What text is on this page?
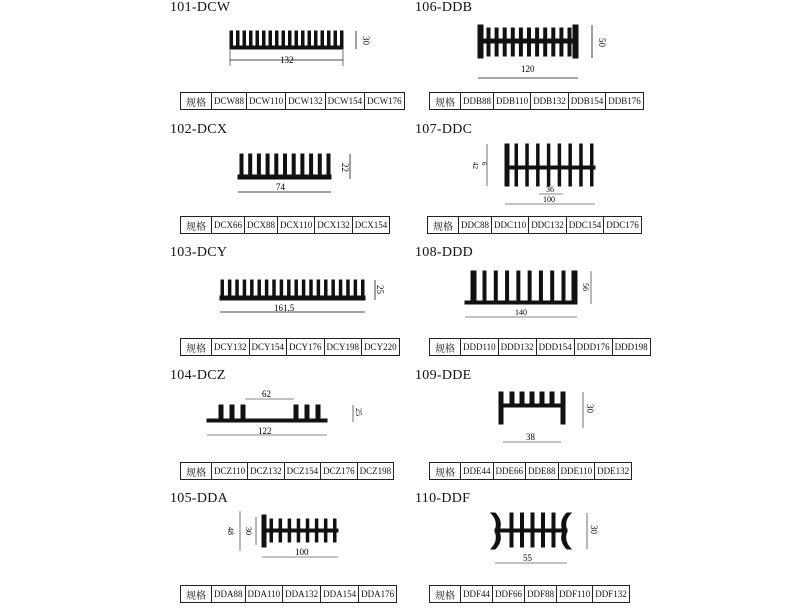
101-DCW
132
30
规格	DCW88	DCW110	DCW132	DCW154	DCW176
106-DDB
120
50
规格	DDB88	DDB110	DDB132	DDB154	DDB176
102-DCX
74
22
规格	DCX66	DCX88	DCX110	DCX132	DCX154
107-DDC
42 6
36
100
规格	DDC88	DDC110	DDC132	DDC154	DDC176
103-DCY
161.5
25
规格	DCY132	DCY154	DCY176	DCY198	DCY220
108-DDD
140
56
规格	DDD110	DDD132	DDD154	DDD176	DDD198
104-DCZ
62
122
25
规格	DCZ110	DCZ132	DCZ154	DCZ176	DCZ198
109-DDE
38
30
规格	DDE44	DDE66	DDE88	DDE110	DDE132
105-DDA
48 30
100
规格	DDA88	DDA110	DDA132	DDA154	DDA176
110-DDF
55
30
规格	DDF44	DDF66	DDF88	DDF110	DDF132
